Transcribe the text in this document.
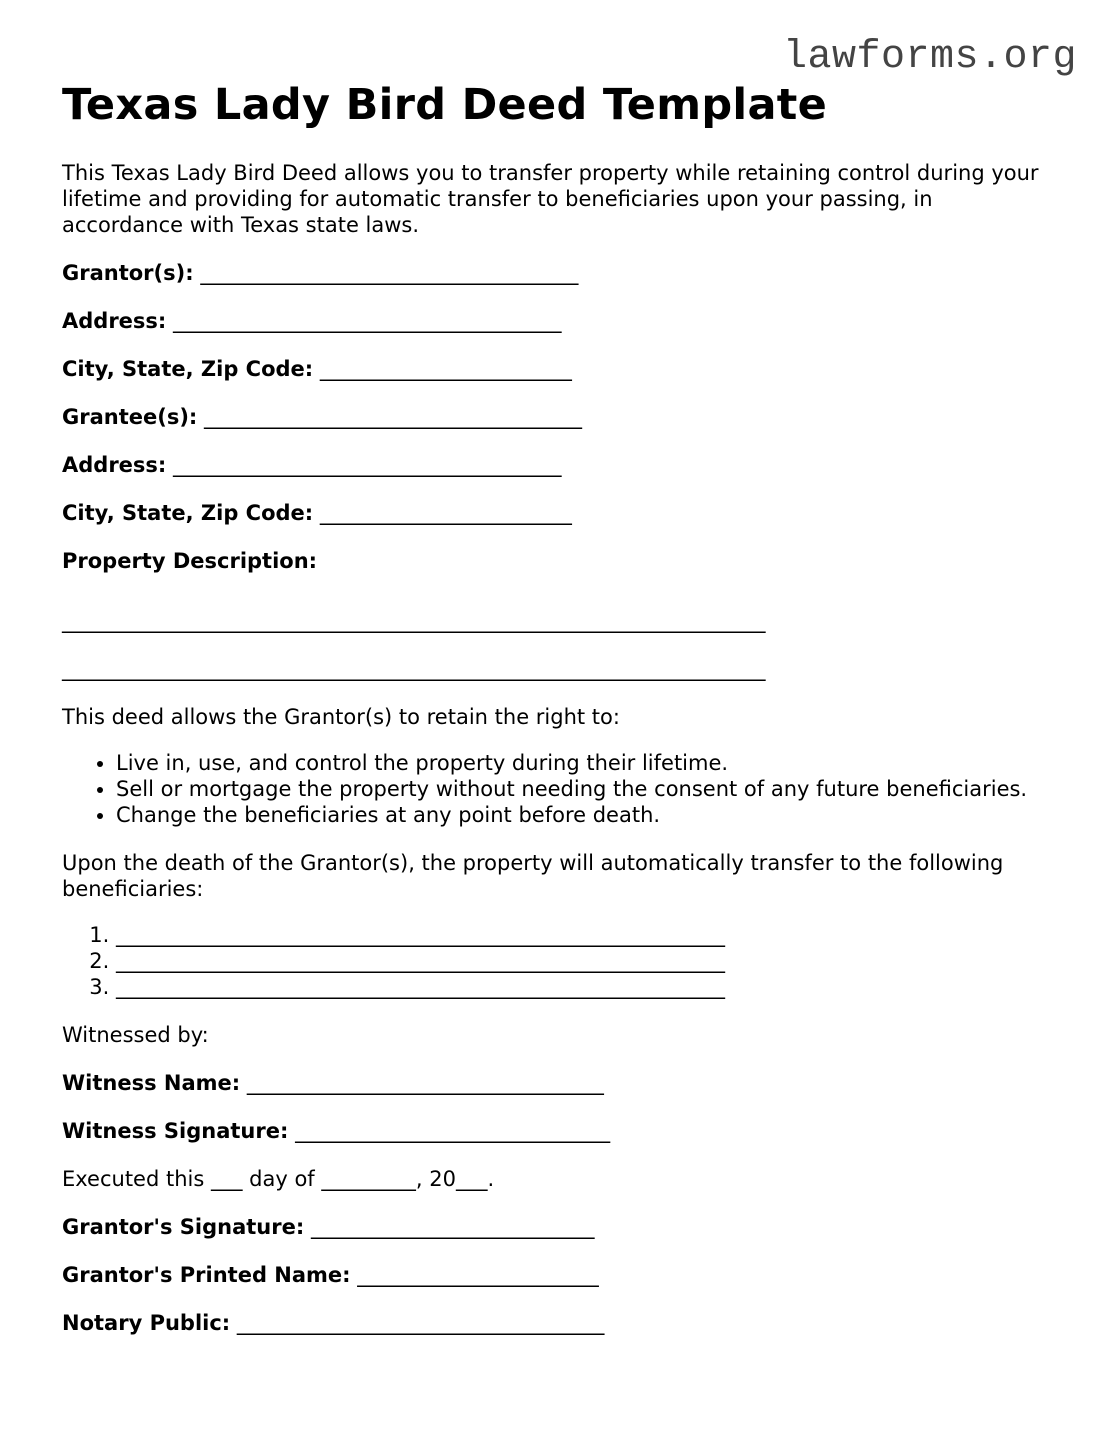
lawforms.org
Texas Lady Bird Deed Template

This Texas Lady Bird Deed allows you to transfer property while retaining control during your lifetime and providing for automatic transfer to beneficiaries upon your passing, in accordance with Texas state laws.

Grantor(s): ____________________________________

Address: _____________________________________

City, State, Zip Code: ________________________

Grantee(s): ____________________________________

Address: _____________________________________

City, State, Zip Code: ________________________

Property Description:

___________________________________________________________________

___________________________________________________________________

This deed allows the Grantor(s) to retain the right to:

• Live in, use, and control the property during their lifetime.
• Sell or mortgage the property without needing the consent of any future beneficiaries.
• Change the beneficiaries at any point before death.

Upon the death of the Grantor(s), the property will automatically transfer to the following beneficiaries:

1. __________________________________________________________
2. __________________________________________________________
3. __________________________________________________________

Witnessed by:

Witness Name: __________________________________

Witness Signature: ______________________________

Executed this ___ day of _________, 20___.

Grantor's Signature: ___________________________

Grantor's Printed Name: _______________________

Notary Public: ___________________________________
